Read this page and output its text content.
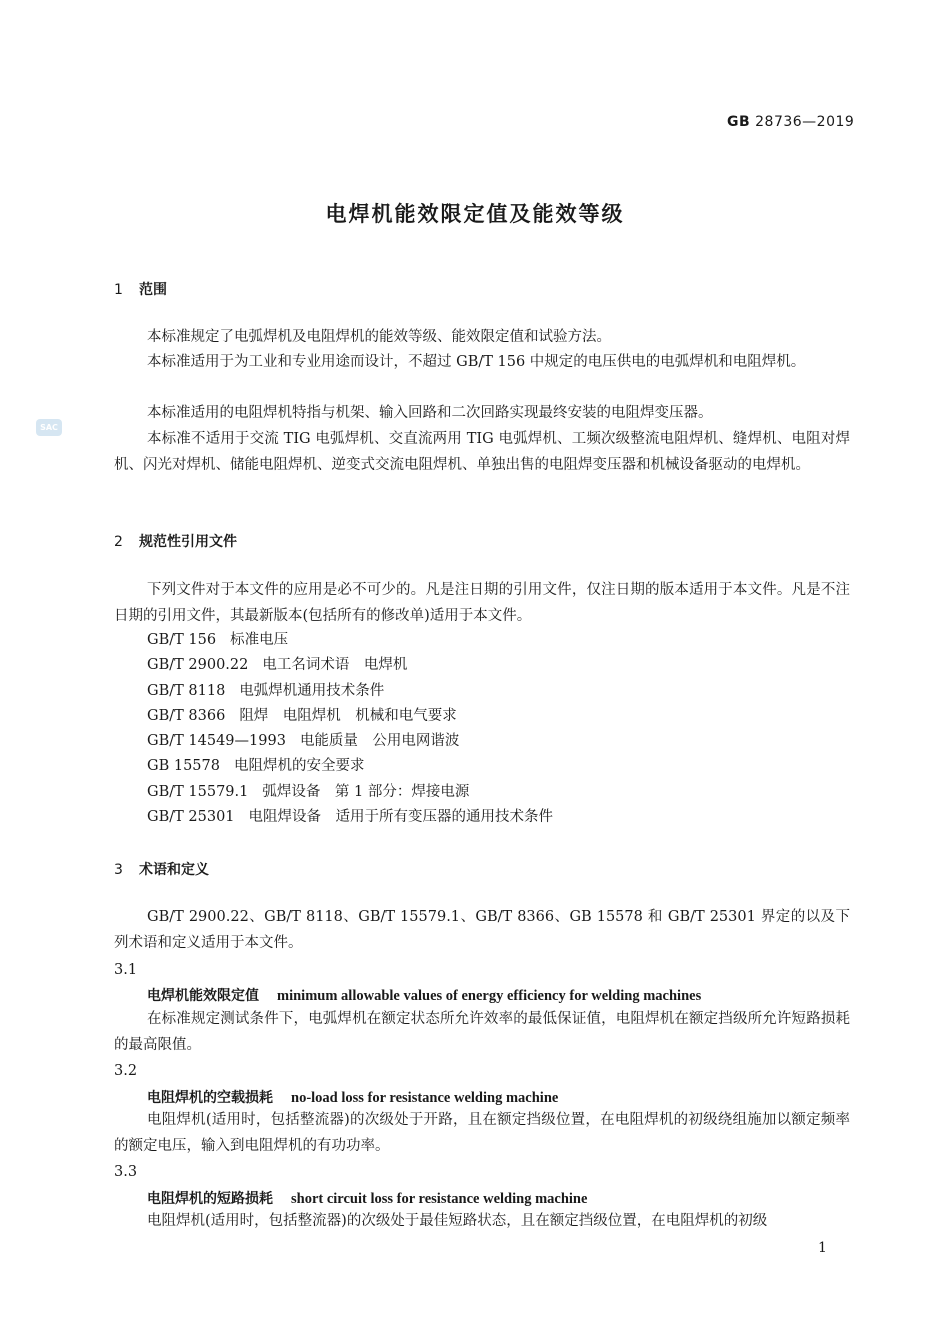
GB 28736—2019
电焊机能效限定值及能效等级
SAC
1 范围
本标准规定了电弧焊机及电阻焊机的能效等级、能效限定值和试验方法。
本标准适用于为工业和专业用途而设计，不超过 GB/T 156 中规定的电压供电的电弧焊机和电阻焊机。
本标准适用的电阻焊机特指与机架、输入回路和二次回路实现最终安装的电阻焊变压器。
本标准不适用于交流 TIG 电弧焊机、交直流两用 TIG 电弧焊机、工频次级整流电阻焊机、缝焊机、电阻对焊机、闪光对焊机、储能电阻焊机、逆变式交流电阻焊机、单独出售的电阻焊变压器和机械设备驱动的电焊机。
2 规范性引用文件
下列文件对于本文件的应用是必不可少的。凡是注日期的引用文件，仅注日期的版本适用于本文件。凡是不注日期的引用文件，其最新版本(包括所有的修改单)适用于本文件。
GB/T 156 标准电压
GB/T 2900.22 电工名词术语　电焊机
GB/T 8118 电弧焊机通用技术条件
GB/T 8366 阻焊　电阻焊机　机械和电气要求
GB/T 14549—1993 电能质量　公用电网谐波
GB 15578 电阻焊机的安全要求
GB/T 15579.1 弧焊设备　第 1 部分：焊接电源
GB/T 25301 电阻焊设备　适用于所有变压器的通用技术条件
3 术语和定义
GB/T 2900.22、GB/T 8118、GB/T 15579.1、GB/T 8366、GB 15578 和 GB/T 25301 界定的以及下列术语和定义适用于本文件。
3.1
电焊机能效限定值 minimum allowable values of energy efficiency for welding machines
在标准规定测试条件下，电弧焊机在额定状态所允许效率的最低保证值，电阻焊机在额定挡级所允许短路损耗的最高限值。
3.2
电阻焊机的空载损耗 no-load loss for resistance welding machine
电阻焊机(适用时，包括整流器)的次级处于开路，且在额定挡级位置，在电阻焊机的初级绕组施加以额定频率的额定电压，输入到电阻焊机的有功功率。
3.3
电阻焊机的短路损耗 short circuit loss for resistance welding machine
电阻焊机(适用时，包括整流器)的次级处于最佳短路状态，且在额定挡级位置，在电阻焊机的初级
1
